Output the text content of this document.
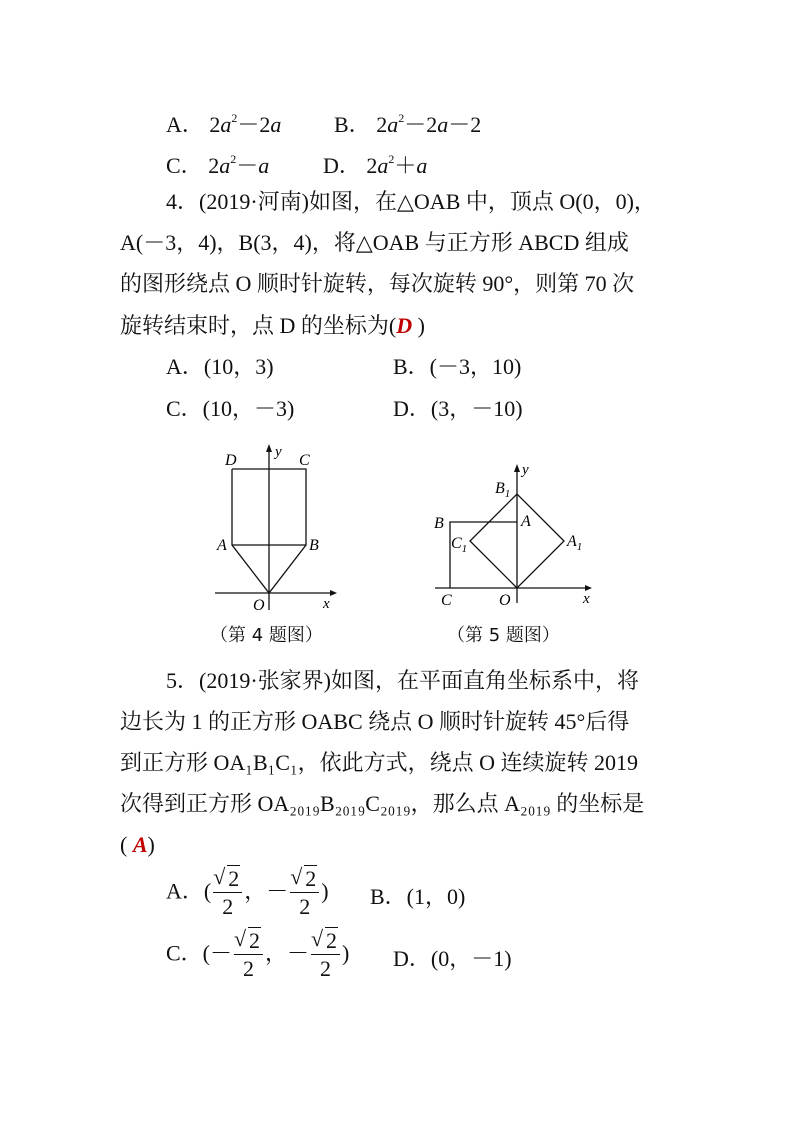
A． $2a^2-2a$ B． $2a^2-2a-2$
C． $2a^2-a$ D． $2a^2+a$
4．(2019·河南)如图，在△OAB 中，顶点 O(0，0)，
A(－3，4)，B(3，4)，将△OAB 与正方形 ABCD 组成
的图形绕点 O 顺时针旋转，每次旋转 90°，则第 70 次
旋转结束时，点 D 的坐标为(D )
A．(10，3)	B．(－3，10)
C．(10，－3)	D．(3，－10)
D	C
y
A	B
O	x
（第 4 题图）
$B_1$
y
A
B
$C_1$	$A_1$
C	O	x
（第 5 题图）
5．(2019·张家界)如图，在平面直角坐标系中，将
边长为 1 的正方形 OABC 绕点 O 顺时针旋转 45°后得
到正方形 OA₁B₁C₁，依此方式，绕点 O 连续旋转 2019
次得到正方形 OA₂₀₁₉B₂₀₁₉C₂₀₁₉，那么点 A₂₀₁₉ 的坐标是
( A)
A．( √ $\frac{2}{2}$ ，－ √ $\frac{2}{2}$ ) B．(1，0)
C．(－ √ $\frac{2}{2}$ ，－ √ $\frac{2}{2}$ ) D．(0，－1)
